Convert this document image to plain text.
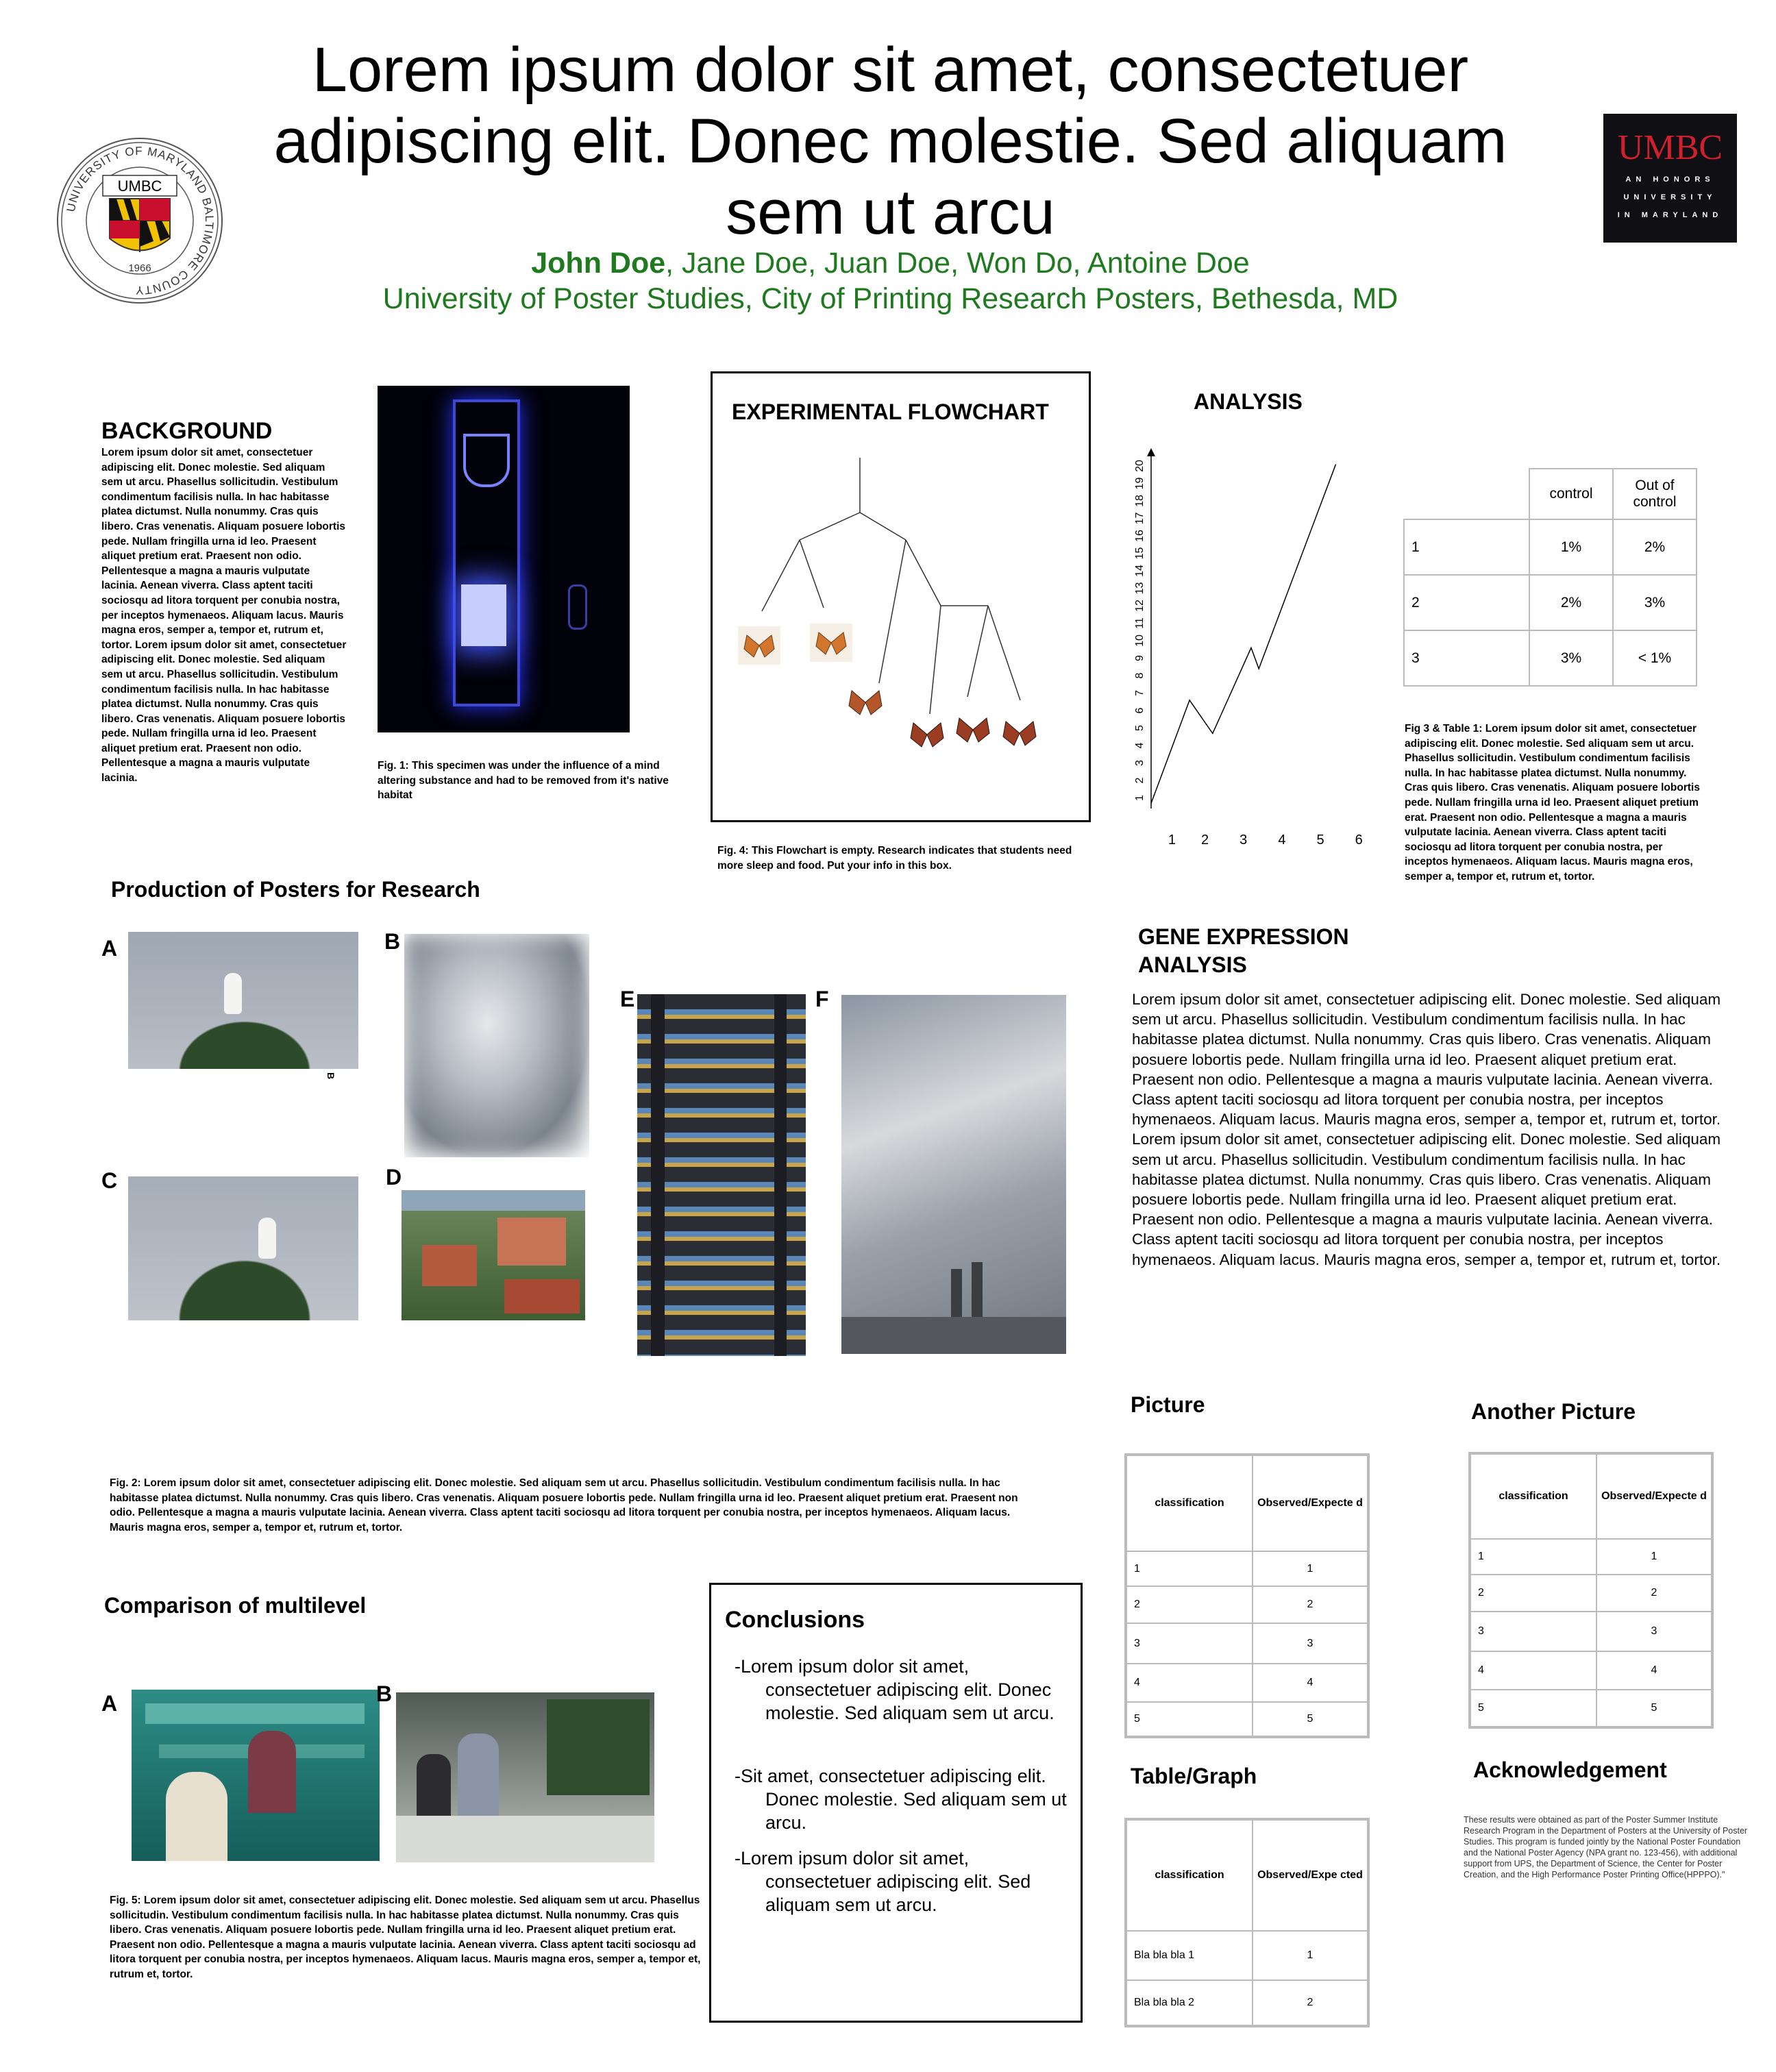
UNIVERSITY OF MARYLAND BALTIMORE COUNTY
UMBC
1966
Lorem ipsum dolor sit amet, consectetuer adipiscing elit. Donec molestie. Sed aliquam sem ut arcu
John Doe, Jane Doe, Juan Doe, Won Do, Antoine Doe
University of Poster Studies, City of Printing Research Posters, Bethesda, MD
UMBC
AN HONORS
UNIVERSITY
IN MARYLAND
BACKGROUND
Lorem ipsum dolor sit amet, consectetuer adipiscing elit. Donec molestie. Sed aliquam sem ut arcu. Phasellus sollicitudin. Vestibulum condimentum facilisis nulla. In hac habitasse platea dictumst. Nulla nonummy. Cras quis libero. Cras venenatis. Aliquam posuere lobortis pede. Nullam fringilla urna id leo. Praesent aliquet pretium erat. Praesent non odio. Pellentesque a magna a mauris vulputate lacinia. Aenean viverra. Class aptent taciti sociosqu ad litora torquent per conubia nostra, per inceptos hymenaeos. Aliquam lacus. Mauris magna eros, semper a, tempor et, rutrum et, tortor. Lorem ipsum dolor sit amet, consectetuer adipiscing elit. Donec molestie. Sed aliquam sem ut arcu. Phasellus sollicitudin. Vestibulum condimentum facilisis nulla. In hac habitasse platea dictumst. Nulla nonummy. Cras quis libero. Cras venenatis. Aliquam posuere lobortis pede. Nullam fringilla urna id leo. Praesent aliquet pretium erat. Praesent non odio. Pellentesque a magna a mauris vulputate lacinia.
Fig. 1: This specimen was under the influence of a mind altering substance and had to be removed from it's native habitat
EXPERIMENTAL FLOWCHART
Fig. 4: This Flowchart is empty. Research indicates that students need more sleep and food. Put your info in this box.
ANALYSIS
1
2
3
4
5
6
7
8
9
10
11
12
13
14
15
16
17
18
19
20
1 2 3 4 5 6
	control	Out of control
1	1%	2%
2	2%	3%
3	3%	< 1%
Fig 3 & Table 1: Lorem ipsum dolor sit amet, consectetuer adipiscing elit. Donec molestie. Sed aliquam sem ut arcu. Phasellus sollicitudin. Vestibulum condimentum facilisis nulla. In hac habitasse platea dictumst. Nulla nonummy. Cras quis libero. Cras venenatis. Aliquam posuere lobortis pede. Nullam fringilla urna id leo. Praesent aliquet pretium erat. Praesent non odio. Pellentesque a magna a mauris vulputate lacinia. Aenean viverra. Class aptent taciti sociosqu ad litora torquent per conubia nostra, per inceptos hymenaeos. Aliquam lacus. Mauris magna eros, semper a, tempor et, rutrum et, tortor.
Production of Posters for Research
A	B
B
C	D
E	F
Fig. 2: Lorem ipsum dolor sit amet, consectetuer adipiscing elit. Donec molestie. Sed aliquam sem ut arcu. Phasellus sollicitudin. Vestibulum condimentum facilisis nulla. In hac habitasse platea dictumst. Nulla nonummy. Cras quis libero. Cras venenatis. Aliquam posuere lobortis pede. Nullam fringilla urna id leo. Praesent aliquet pretium erat. Praesent non odio. Pellentesque a magna a mauris vulputate lacinia. Aenean viverra. Class aptent taciti sociosqu ad litora torquent per conubia nostra, per inceptos hymenaeos. Aliquam lacus. Mauris magna eros, semper a, tempor et, rutrum et, tortor.
GENE EXPRESSION
ANALYSIS
Lorem ipsum dolor sit amet, consectetuer adipiscing elit. Donec molestie. Sed aliquam sem ut arcu. Phasellus sollicitudin. Vestibulum condimentum facilisis nulla. In hac habitasse platea dictumst. Nulla nonummy. Cras quis libero. Cras venenatis. Aliquam posuere lobortis pede. Nullam fringilla urna id leo. Praesent aliquet pretium erat. Praesent non odio. Pellentesque a magna a mauris vulputate lacinia. Aenean viverra. Class aptent taciti sociosqu ad litora torquent per conubia nostra, per inceptos hymenaeos. Aliquam lacus. Mauris magna eros, semper a, tempor et, rutrum et, tortor. Lorem ipsum dolor sit amet, consectetuer adipiscing elit. Donec molestie. Sed aliquam sem ut arcu. Phasellus sollicitudin. Vestibulum condimentum facilisis nulla. In hac habitasse platea dictumst. Nulla nonummy. Cras quis libero. Cras venenatis. Aliquam posuere lobortis pede. Nullam fringilla urna id leo. Praesent aliquet pretium erat. Praesent non odio. Pellentesque a magna a mauris vulputate lacinia. Aenean viverra. Class aptent taciti sociosqu ad litora torquent per conubia nostra, per inceptos hymenaeos. Aliquam lacus. Mauris magna eros, semper a, tempor et, rutrum et, tortor.
Picture
classification	Observed/Expecte d
1	1
2	2
3	3
4	4
5	5
Another Picture
classification	Observed/Expecte d
1	1
2	2
3	3
4	4
5	5
Table/Graph
classification	Observed/Expe cted
Bla bla bla 1	1
Bla bla bla 2	2
Acknowledgement
These results were obtained as part of the Poster Summer Institute Research Program in the Department of Posters at the University of Poster Studies. This program is funded jointly by the National Poster Foundation and the National Poster Agency (NPA grant no. 123-456), with additional support from UPS, the Department of Science, the Center for Poster Creation, and the High Performance Poster Printing Office(HPPPO)."
Comparison of multilevel
A	B
Fig. 5: Lorem ipsum dolor sit amet, consectetuer adipiscing elit. Donec molestie. Sed aliquam sem ut arcu. Phasellus sollicitudin. Vestibulum condimentum facilisis nulla. In hac habitasse platea dictumst. Nulla nonummy. Cras quis libero. Cras venenatis. Aliquam posuere lobortis pede. Nullam fringilla urna id leo. Praesent aliquet pretium erat. Praesent non odio. Pellentesque a magna a mauris vulputate lacinia. Aenean viverra. Class aptent taciti sociosqu ad litora torquent per conubia nostra, per inceptos hymenaeos. Aliquam lacus. Mauris magna eros, semper a, tempor et, rutrum et, tortor.
Conclusions
-Lorem ipsum dolor sit amet, consectetuer adipiscing elit. Donec molestie. Sed aliquam sem ut arcu.
-Sit amet, consectetuer adipiscing elit. Donec molestie. Sed aliquam sem ut arcu.
-Lorem ipsum dolor sit amet, consectetuer adipiscing elit. Sed aliquam sem ut arcu.
